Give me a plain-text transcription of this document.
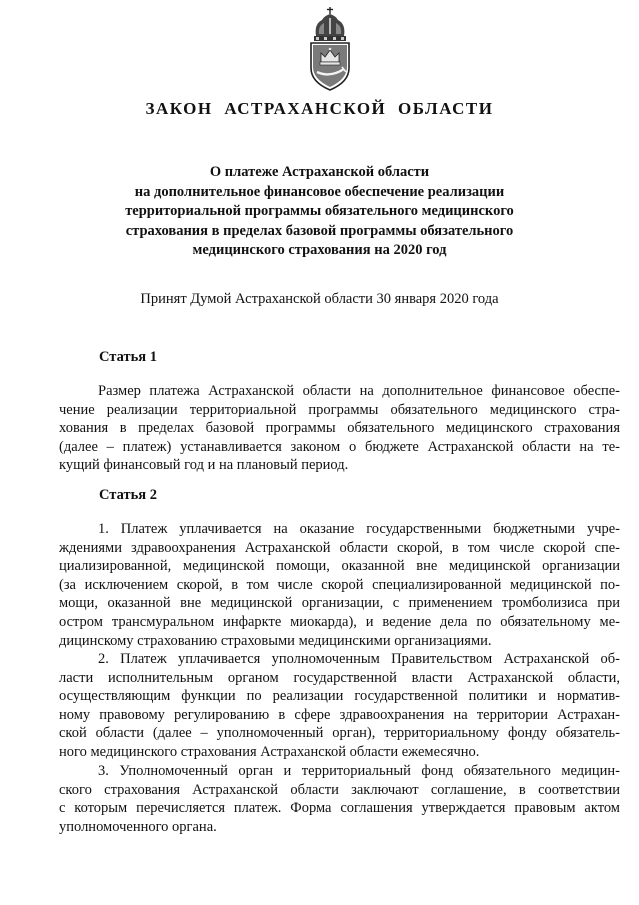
ЗАКОН АСТРАХАНСКОЙ ОБЛАСТИ
О платеже Астраханской области
на дополнительное финансовое обеспечение реализации
территориальной программы обязательного медицинского
страхования в пределах базовой программы обязательного
медицинского страхования на 2020 год
Принят Думой Астраханской области 30 января 2020 года
Статья 1
Размер платежа Астраханской области на дополнительное финансовое обеспе-
чение реализации территориальной программы обязательного медицинского стра-
хования в пределах базовой программы обязательного медицинского страхования
(далее – платеж) устанавливается законом о бюджете Астраханской области на те-
кущий финансовый год и на плановый период.
Статья 2
1. Платеж уплачивается на оказание государственными бюджетными учре-
ждениями здравоохранения Астраханской области скорой, в том числе скорой спе-
циализированной, медицинской помощи, оказанной вне медицинской организации
(за исключением скорой, в том числе скорой специализированной медицинской по-
мощи, оказанной вне медицинской организации, с применением тромболизиса при
остром трансмуральном инфаркте миокарда), и ведение дела по обязательному ме-
дицинскому страхованию страховыми медицинскими организациями.
2. Платеж уплачивается уполномоченным Правительством Астраханской об-
ласти исполнительным органом государственной власти Астраханской области,
осуществляющим функции по реализации государственной политики и норматив-
ному правовому регулированию в сфере здравоохранения на территории Астрахан-
ской области (далее – уполномоченный орган), территориальному фонду обязатель-
ного медицинского страхования Астраханской области ежемесячно.
3. Уполномоченный орган и территориальный фонд обязательного медицин-
ского страхования Астраханской области заключают соглашение, в соответствии
с которым перечисляется платеж. Форма соглашения утверждается правовым актом
уполномоченного органа.
